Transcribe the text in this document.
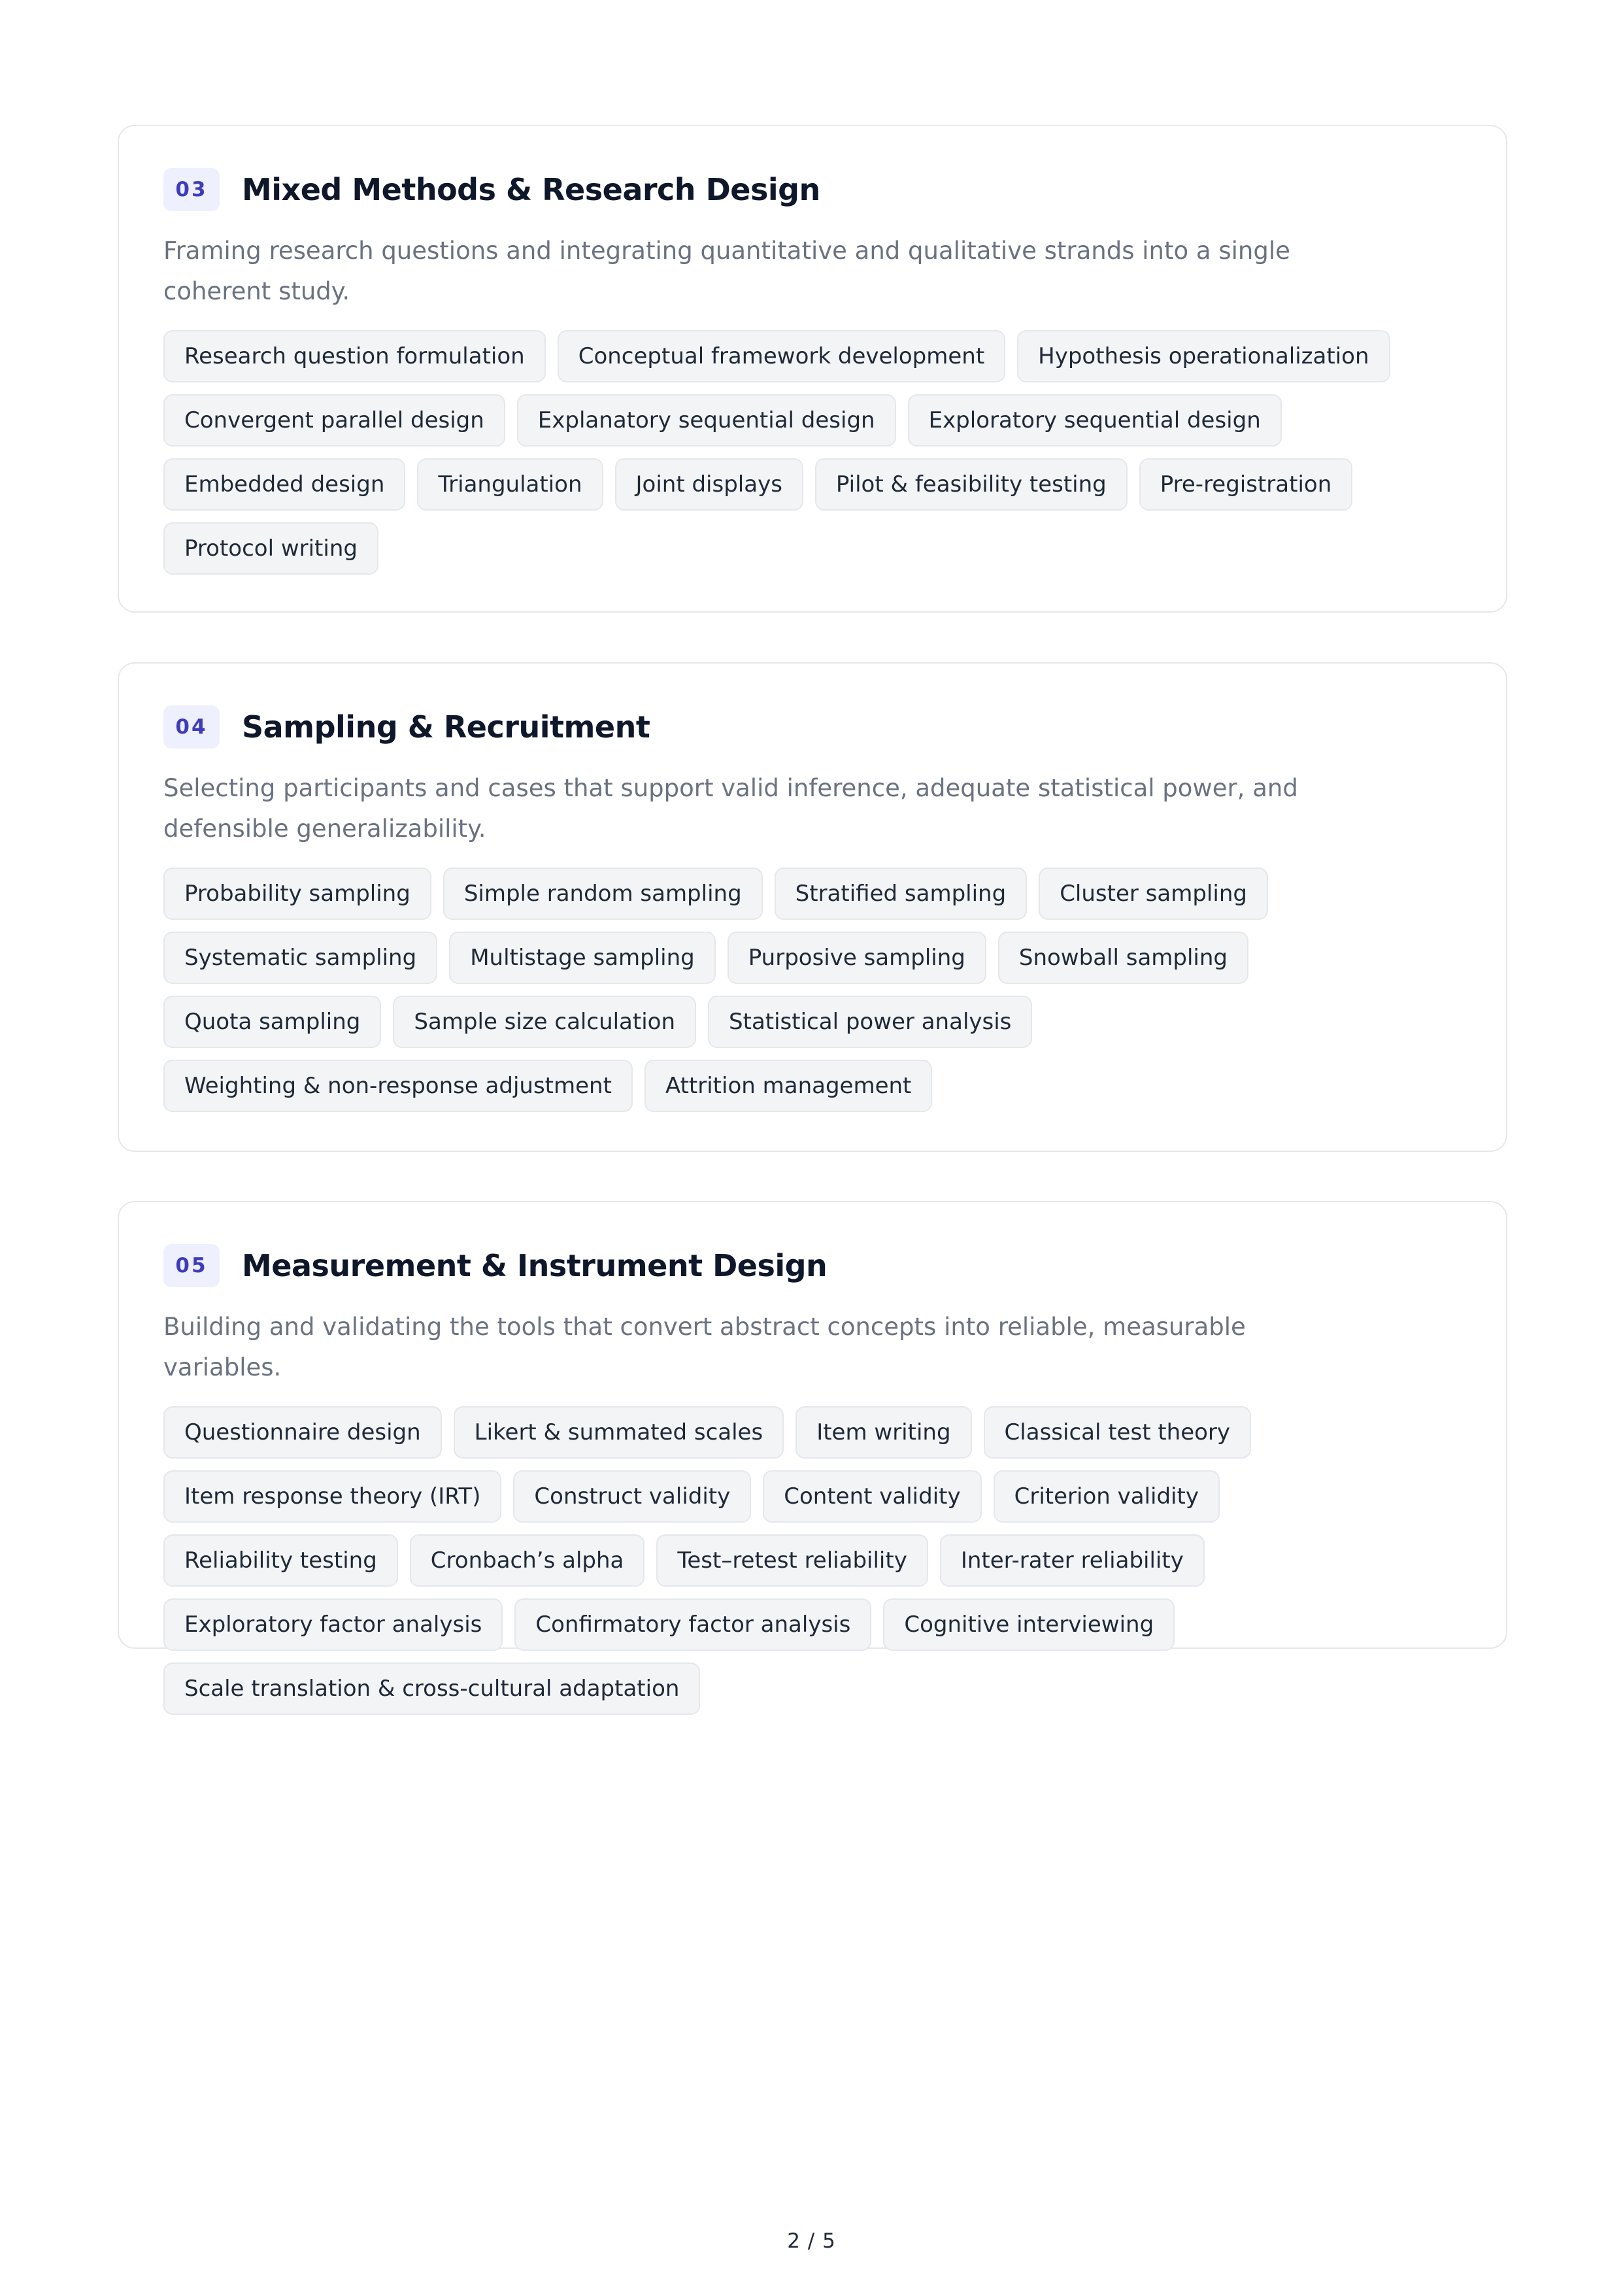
03	Mixed Methods & Research Design

Framing research questions and integrating quantitative and qualitative strands into a single coherent study.

Research question formulation	Conceptual framework development	Hypothesis operationalization
Convergent parallel design	Explanatory sequential design	Exploratory sequential design
Embedded design	Triangulation	Joint displays	Pilot & feasibility testing	Pre-registration
Protocol writing
04	Sampling & Recruitment

Selecting participants and cases that support valid inference, adequate statistical power, and defensible generalizability.

Probability sampling	Simple random sampling	Stratified sampling	Cluster sampling
Systematic sampling	Multistage sampling	Purposive sampling	Snowball sampling
Quota sampling	Sample size calculation	Statistical power analysis
Weighting & non-response adjustment	Attrition management
05	Measurement & Instrument Design

Building and validating the tools that convert abstract concepts into reliable, measurable variables.

Questionnaire design	Likert & summated scales	Item writing	Classical test theory
Item response theory (IRT)	Construct validity	Content validity	Criterion validity
Reliability testing	Cronbach’s alpha	Test–retest reliability	Inter-rater reliability
Exploratory factor analysis	Confirmatory factor analysis	Cognitive interviewing
Scale translation & cross-cultural adaptation
2 / 5
